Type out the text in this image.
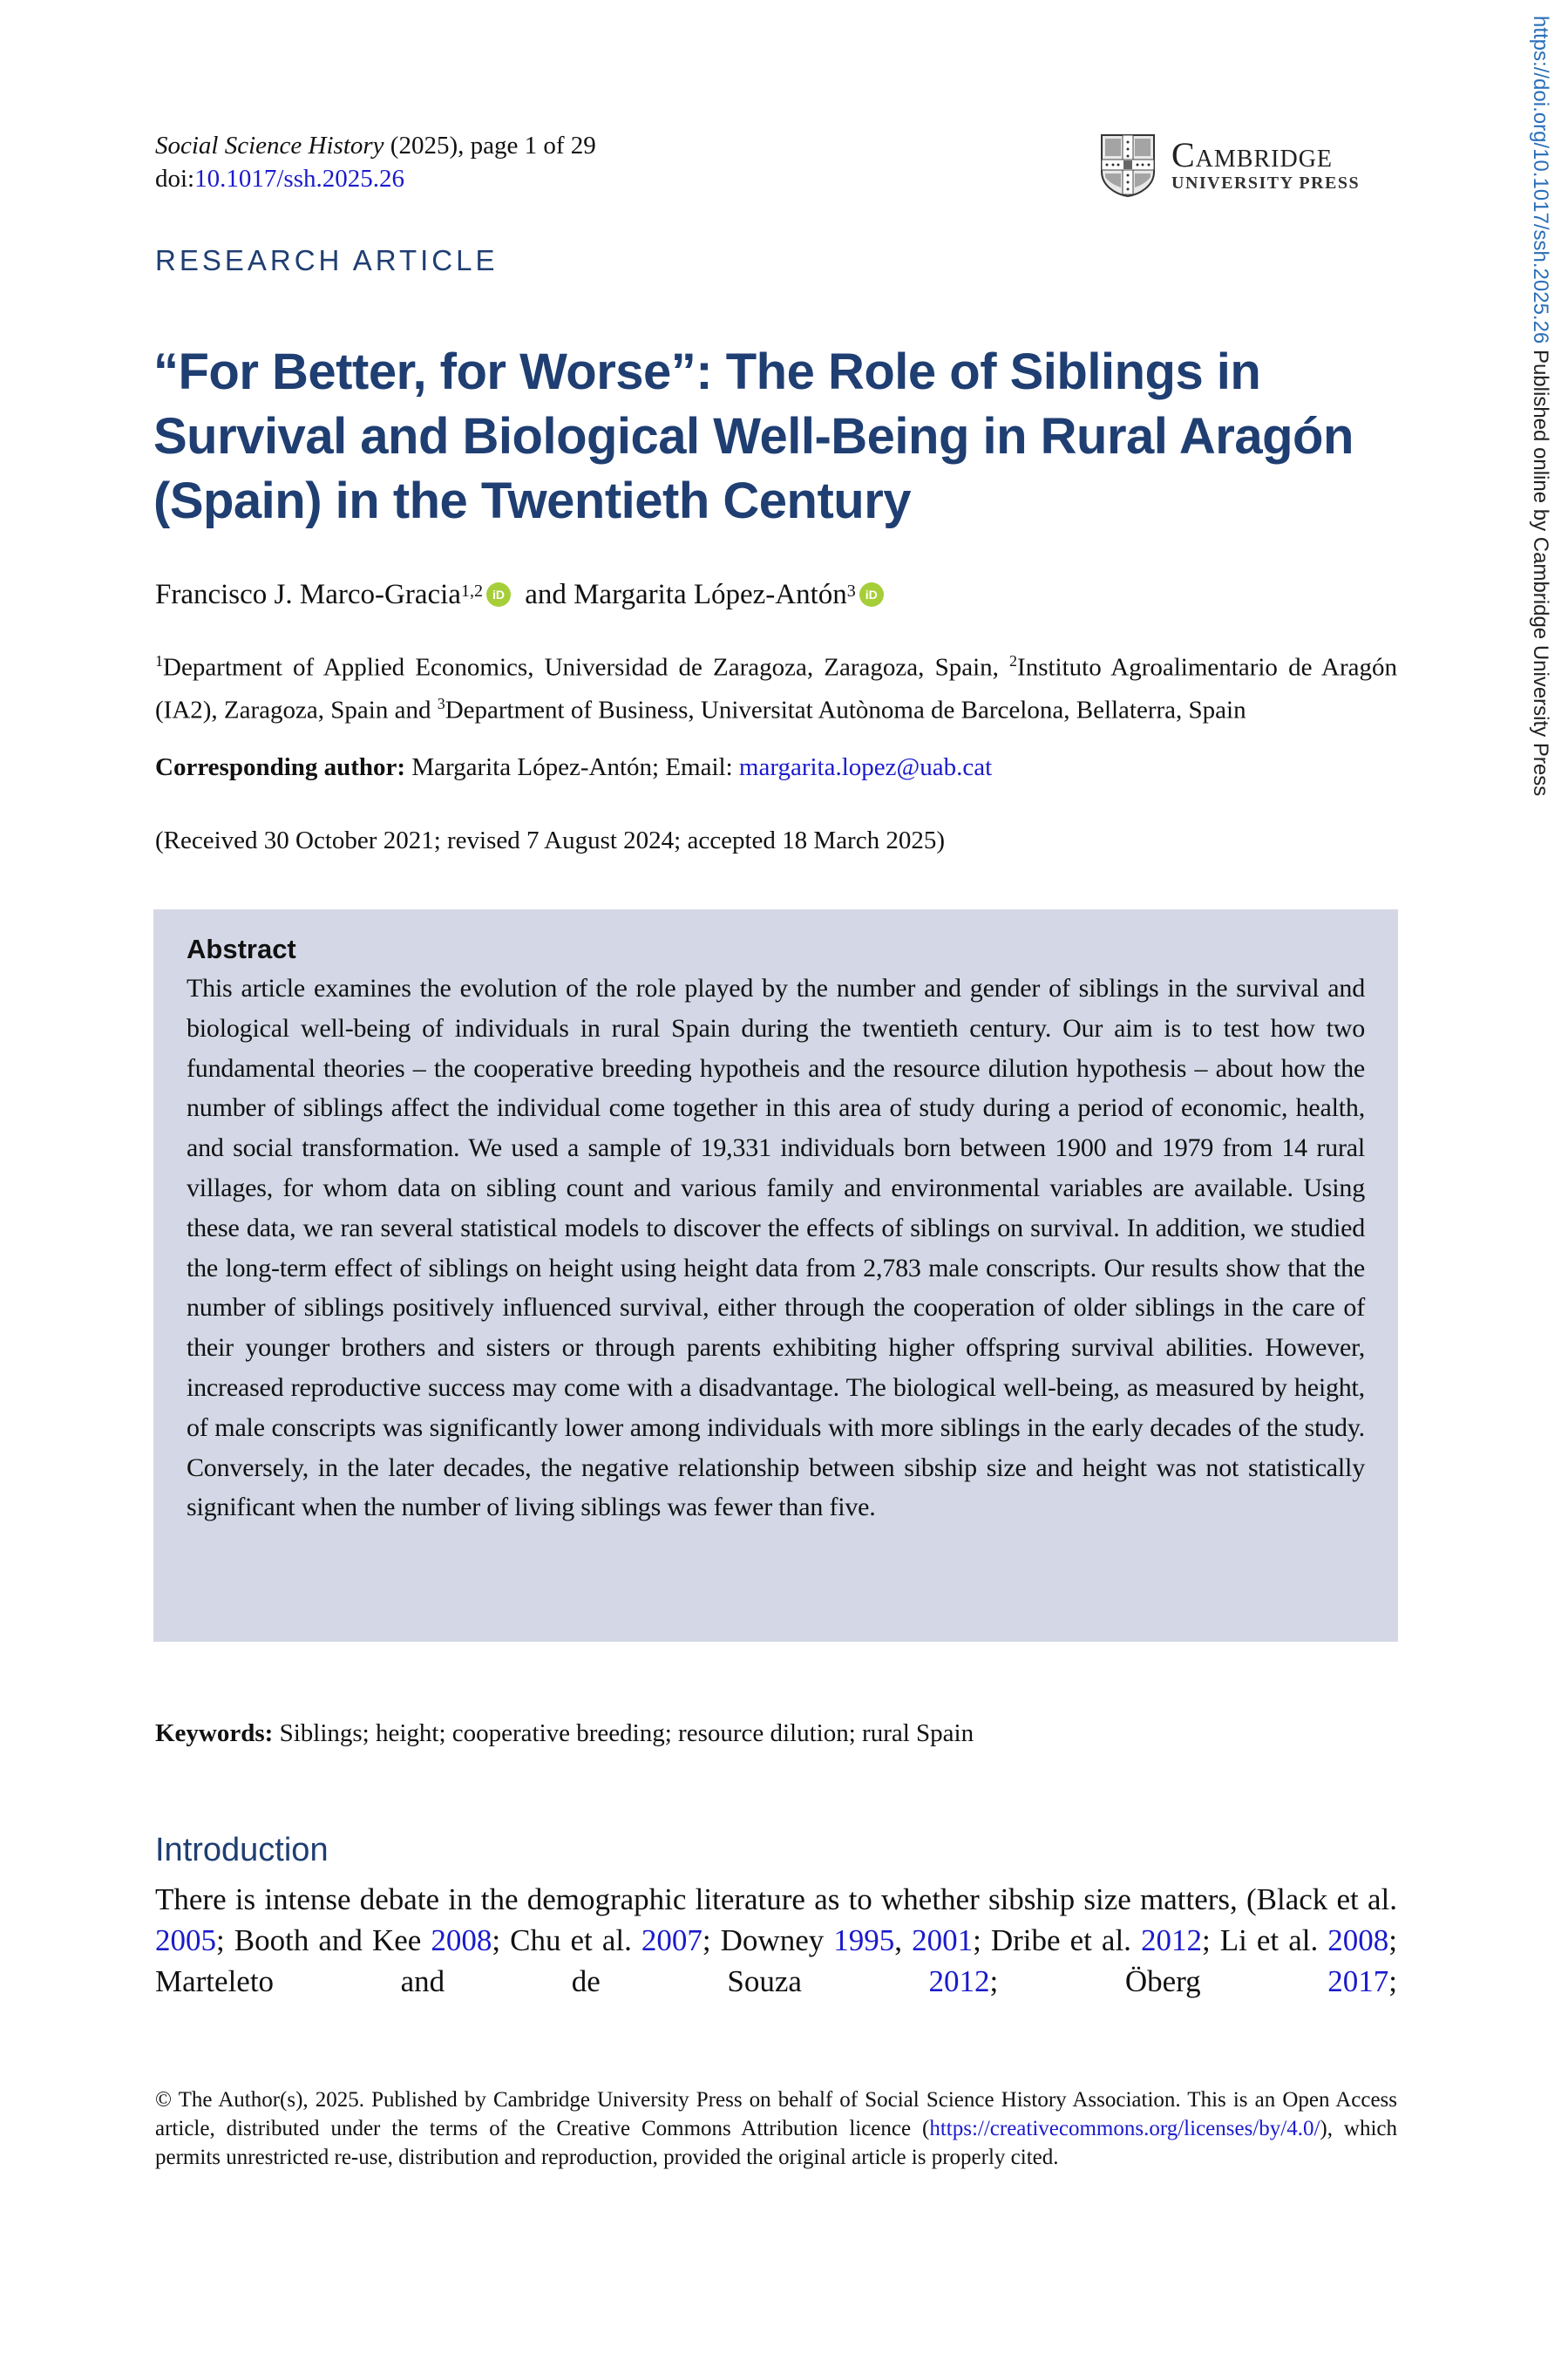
Social Science History (2025), page 1 of 29
doi:10.1017/ssh.2025.26
Cambridge
UNIVERSITY PRESS	https://doi.org/10.1017/ssh.2025.26 Published online by Cambridge University Press
RESEARCH ARTICLE
“For Better, for Worse”: The Role of Siblings in Survival and Biological Well-Being in Rural Aragón (Spain) in the Twentieth Century
Francisco J. Marco-Gracia$^{1,2}$ iD and Margarita López-Antón$^3$ iD
$^1$Department of Applied Economics, Universidad de Zaragoza, Zaragoza, Spain, $^2$Instituto Agroalimentario de Aragón (IA2), Zaragoza, Spain and $^3$Department of Business, Universitat Autònoma de Barcelona, Bellaterra, Spain
Corresponding author: Margarita López-Antón; Email: margarita.lopez@uab.cat
(Received 30 October 2021; revised 7 August 2024; accepted 18 March 2025)
Abstract

This article examines the evolution of the role played by the number and gender of siblings in the survival and biological well-being of individuals in rural Spain during the twentieth century. Our aim is to test how two fundamental theories – the cooperative breeding hypotheis and the resource dilution hypothesis – about how the number of siblings affect the individual come together in this area of study during a period of economic, health, and social transformation. We used a sample of 19,331 individuals born between 1900 and 1979 from 14 rural villages, for whom data on sibling count and various family and environmental variables are available. Using these data, we ran several statistical models to discover the effects of siblings on survival. In addition, we studied the long-term effect of siblings on height using height data from 2,783 male conscripts. Our results show that the number of siblings positively influenced survival, either through the cooperation of older siblings in the care of their younger brothers and sisters or through parents exhibiting higher offspring survival abilities. However, increased reproductive success may come with a disadvantage. The biological well-being, as measured by height, of male conscripts was significantly lower among individuals with more siblings in the early decades of the study. Conversely, in the later decades, the negative relationship between sibship size and height was not statistically significant when the number of living siblings was fewer than five.

Keywords: Siblings; height; cooperative breeding; resource dilution; rural Spain
Introduction

There is intense debate in the demographic literature as to whether sibship size matters, (Black et al. 2005; Booth and Kee 2008; Chu et al. 2007; Downey 1995, 2001; Dribe et al. 2012; Li et al. 2008; Marteleto and de Souza 2012; Öberg 2017;

© The Author(s), 2025. Published by Cambridge University Press on behalf of Social Science History Association. This is an Open Access article, distributed under the terms of the Creative Commons Attribution licence (https://creativecommons.org/licenses/by/4.0/), which permits unrestricted re-use, distribution and reproduction, provided the original article is properly cited.
